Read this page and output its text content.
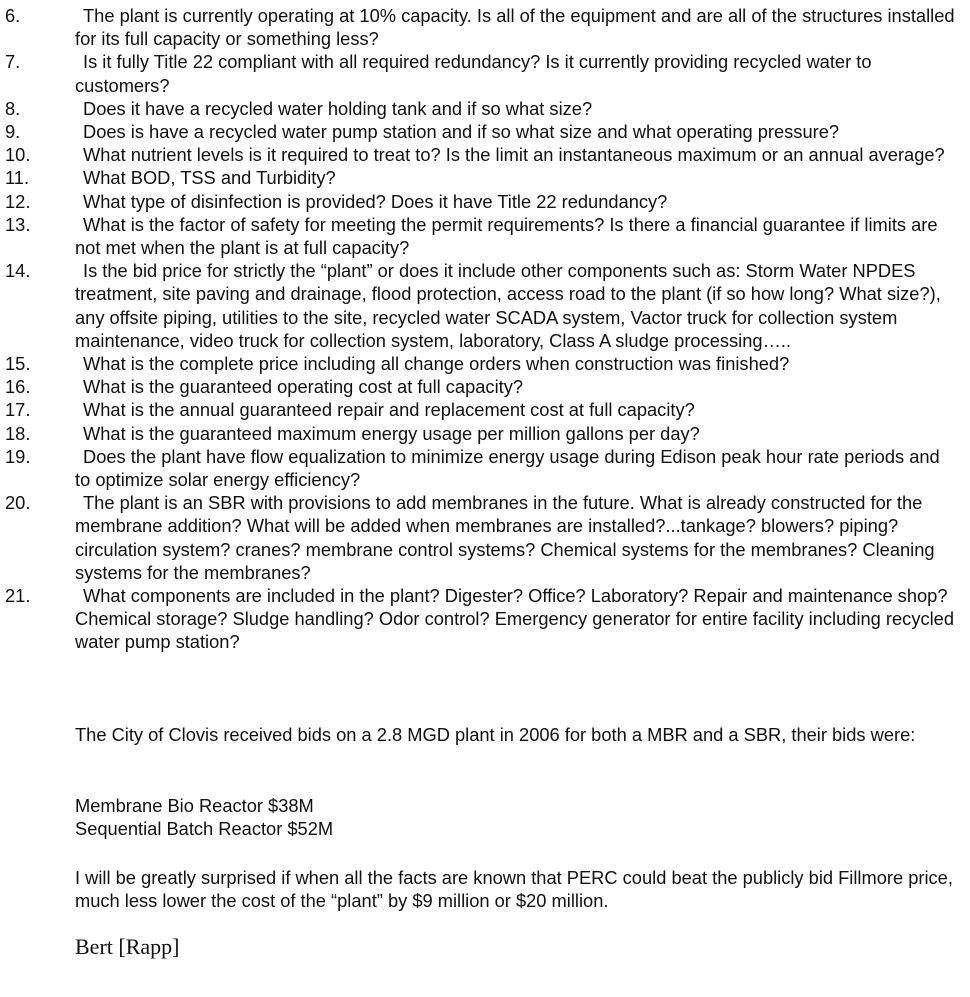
6.	The plant is currently operating at 10% capacity. Is all of the equipment and are all of the structures installed for its full capacity or something less?
7.	Is it fully Title 22 compliant with all required redundancy? Is it currently providing recycled water to customers?
8.	Does it have a recycled water holding tank and if so what size?
9.	Does is have a recycled water pump station and if so what size and what operating pressure?
10.	What nutrient levels is it required to treat to? Is the limit an instantaneous maximum or an annual average?
11.	What BOD, TSS and Turbidity?
12.	What type of disinfection is provided? Does it have Title 22 redundancy?
13.	What is the factor of safety for meeting the permit requirements? Is there a financial guarantee if limits are not met when the plant is at full capacity?
14.	Is the bid price for strictly the “plant” or does it include other components such as: Storm Water NPDES treatment, site paving and drainage, flood protection, access road to the plant (if so how long? What size?), any offsite piping, utilities to the site, recycled water SCADA system, Vactor truck for collection system maintenance, video truck for collection system, laboratory, Class A sludge processing…..
15.	What is the complete price including all change orders when construction was finished?
16.	What is the guaranteed operating cost at full capacity?
17.	What is the annual guaranteed repair and replacement cost at full capacity?
18.	What is the guaranteed maximum energy usage per million gallons per day?
19.	Does the plant have flow equalization to minimize energy usage during Edison peak hour rate periods and to optimize solar energy efficiency?
20.	The plant is an SBR with provisions to add membranes in the future. What is already constructed for the membrane addition? What will be added when membranes are installed?...tankage? blowers? piping? circulation system? cranes? membrane control systems? Chemical systems for the membranes? Cleaning systems for the membranes?
21.	What components are included in the plant? Digester? Office? Laboratory? Repair and maintenance shop? Chemical storage? Sludge handling? Odor control? Emergency generator for entire facility including recycled water pump station?
The City of Clovis received bids on a 2.8 MGD plant in 2006 for both a MBR and a SBR, their bids were:
Membrane Bio Reactor $38M
Sequential Batch Reactor $52M
I will be greatly surprised if when all the facts are known that PERC could beat the publicly bid Fillmore price, much less lower the cost of the “plant” by $9 million or $20 million.
Bert [Rapp]
